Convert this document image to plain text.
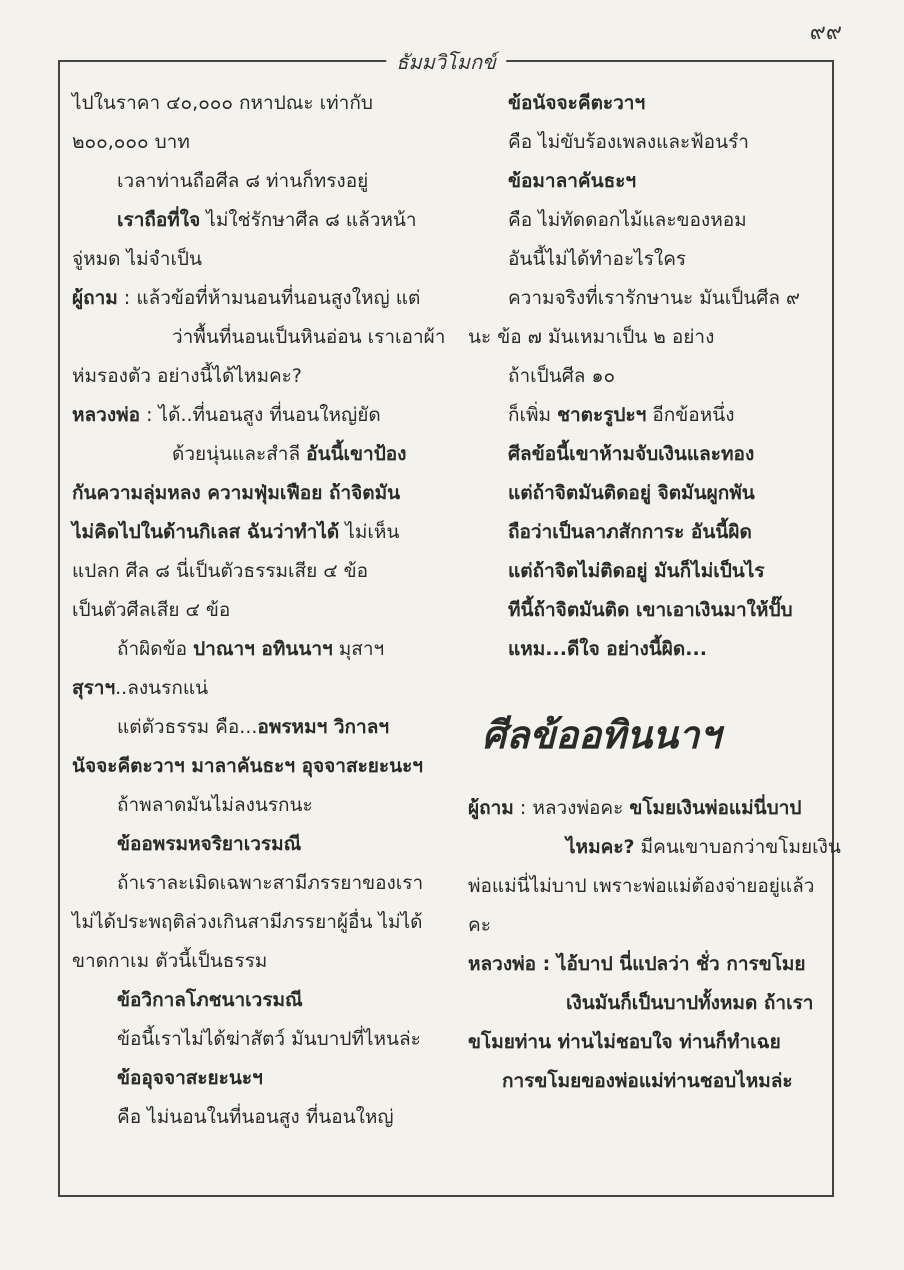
๙๙
ธัมมวิโมกข์
ไปในราคา ๔๐,๐๐๐ กหาปณะ เท่ากับ
๒๐๐,๐๐๐ บาท
เวลาท่านถือศีล ๘ ท่านก็ทรงอยู่
เราถือที่ใจ ไม่ใช่รักษาศีล ๘ แล้วหน้า
จู่หมด ไม่จำเป็น
ผู้ถาม : แล้วข้อที่ห้ามนอนที่นอนสูงใหญ่ แต่
ว่าพื้นที่นอนเป็นหินอ่อน เราเอาผ้า
ห่มรองตัว อย่างนี้ได้ไหมคะ?
หลวงพ่อ : ได้..ที่นอนสูง ที่นอนใหญ่ยัด
ด้วยนุ่นและสำลี อันนี้เขาป้อง
กันความลุ่มหลง ความฟุ่มเฟือย ถ้าจิตมัน
ไม่คิดไปในด้านกิเลส ฉันว่าทำได้ ไม่เห็น
แปลก ศีล ๘ นี่เป็นตัวธรรมเสีย ๔ ข้อ
เป็นตัวศีลเสีย ๔ ข้อ
ถ้าผิดข้อ ปาณาฯ อทินนาฯ มุสาฯ
สุราฯ..ลงนรกแน่
แต่ตัวธรรม คือ...อพรหมฯ วิกาลฯ
นัจจะคีตะวาฯ มาลาคันธะฯ อุจจาสะยะนะฯ
ถ้าพลาดมันไม่ลงนรกนะ
ข้ออพรมหจริยาเวรมณี
ถ้าเราละเมิดเฉพาะสามีภรรยาของเรา
ไม่ได้ประพฤติล่วงเกินสามีภรรยาผู้อื่น ไม่ได้
ขาดกาเม ตัวนี้เป็นธรรม
ข้อวิกาลโภชนาเวรมณี
ข้อนี้เราไม่ได้ฆ่าสัตว์ มันบาปที่ไหนล่ะ
ข้ออุจจาสะยะนะฯ
คือ ไม่นอนในที่นอนสูง ที่นอนใหญ่
ข้อนัจจะคีตะวาฯ
คือ ไม่ขับร้องเพลงและฟ้อนรำ
ข้อมาลาคันธะฯ
คือ ไม่ทัดดอกไม้และของหอม
อันนี้ไม่ได้ทำอะไรใคร
ความจริงที่เรารักษานะ มันเป็นศีล ๙
นะ ข้อ ๗ มันเหมาเป็น ๒ อย่าง
ถ้าเป็นศีล ๑๐
ก็เพิ่ม ชาตะรูปะฯ อีกข้อหนึ่ง
ศีลข้อนี้เขาห้ามจับเงินและทอง
แต่ถ้าจิตมันติดอยู่ จิตมันผูกพัน
ถือว่าเป็นลาภสักการะ อันนี้ผิด
แต่ถ้าจิตไม่ติดอยู่ มันก็ไม่เป็นไร
ทีนี้ถ้าจิตมันติด เขาเอาเงินมาให้ปั๊บ
แหม...ดีใจ อย่างนี้ผิด...
ศีลข้ออทินนาฯ
ผู้ถาม : หลวงพ่อคะ ขโมยเงินพ่อแม่นี่บาป
ไหมคะ? มีคนเขาบอกว่าขโมยเงิน
พ่อแม่นี่ไม่บาป เพราะพ่อแม่ต้องจ่ายอยู่แล้ว
คะ
หลวงพ่อ : ไอ้บาป นี่แปลว่า ชั่ว การขโมย
เงินมันก็เป็นบาปทั้งหมด ถ้าเรา
ขโมยท่าน ท่านไม่ชอบใจ ท่านก็ทำเฉย
การขโมยของพ่อแม่ท่านชอบไหมล่ะ
